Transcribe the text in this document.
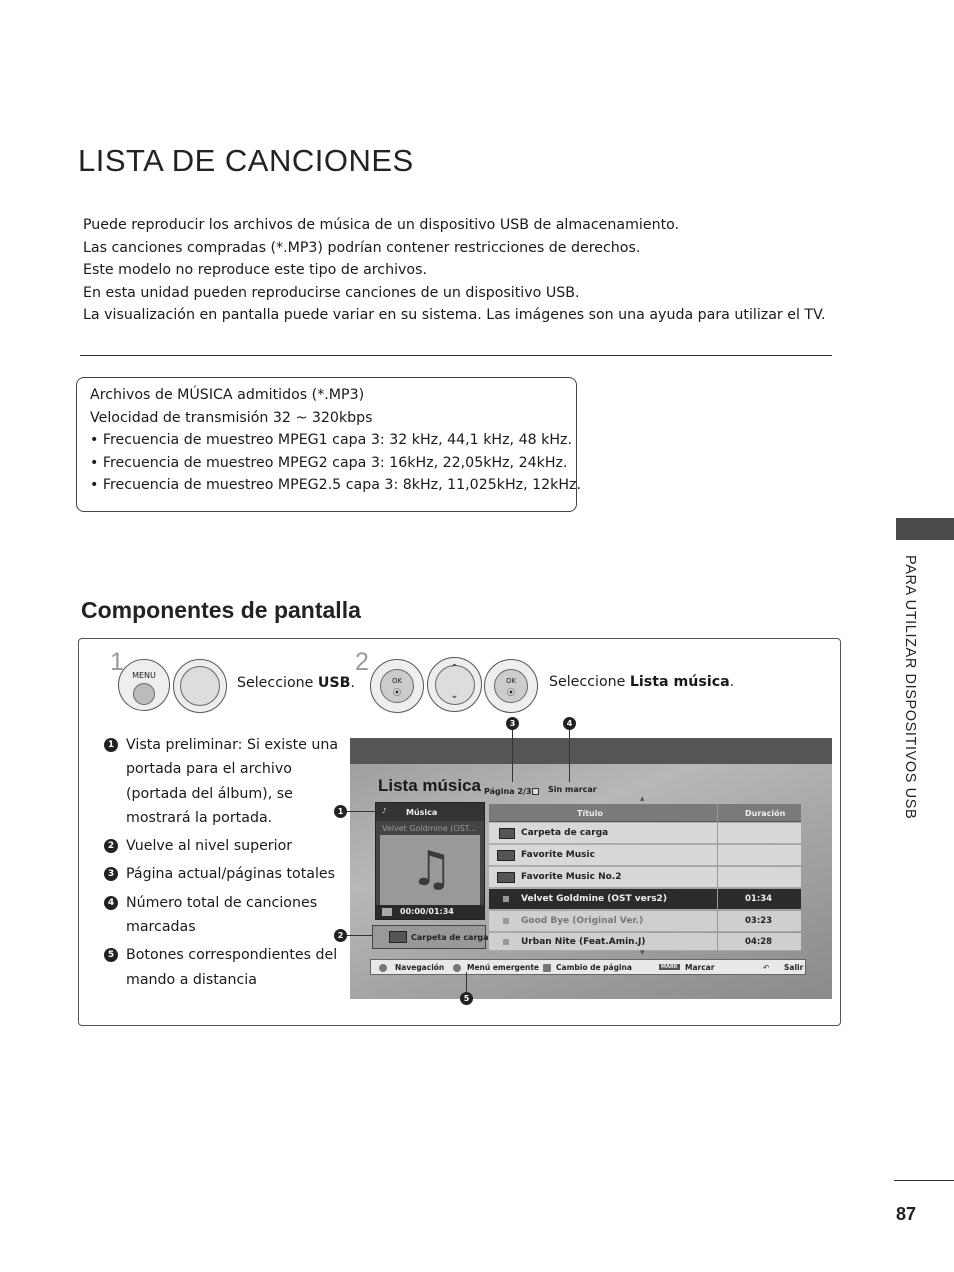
LISTA DE CANCIONES
Puede reproducir los archivos de música de un dispositivo USB de almacenamiento.
Las canciones compradas (*.MP3) podrían contener restricciones de derechos.
Este modelo no reproduce este tipo de archivos.
En esta unidad pueden reproducirse canciones de un dispositivo USB.
La visualización en pantalla puede variar en su sistema. Las imágenes son una ayuda para utilizar el TV.
Archivos de MÚSICA admitidos (*.MP3)
Velocidad de transmisión 32 ~ 320kbps
• Frecuencia de muestreo MPEG1 capa 3: 32 kHz, 44,1 kHz, 48 kHz.
• Frecuencia de muestreo MPEG2 capa 3: 16kHz, 22,05kHz, 24kHz.
• Frecuencia de muestreo MPEG2.5 capa 3: 8kHz, 11,025kHz, 12kHz.
PARA UTILIZAR DISPOSITIVOS USB
Componentes de pantalla
1	MENU	Seleccione USB.
2
OK
⦿
⌃
⌄
OK
⦿
Seleccione Lista música.
1 Vista preliminar: Si existe una portada para el archivo (portada del álbum), se mostrará la portada.
2 Vuelve al nivel superior
3 Página actual/páginas totales
4 Número total de canciones marcadas
5 Botones correspondientes del mando a distancia
Lista música Página 2/3 Sin marcar
♪ Música
Velvet Goldmine (OST...
♫
00:00/01:34
Carpeta de carga
Título	Duración
Carpeta de carga
Favorite Music
Favorite Music No.2
Velvet Goldmine (OST vers2)	01:34
Good Bye (Original Ver.)	03:23
Urban Nite (Feat.Amin.J)	04:28
▴
▾
Navegación	Menú emergente Cambio de página	MARK Marcar	↶ Salir
1
2
3	4
5
87
